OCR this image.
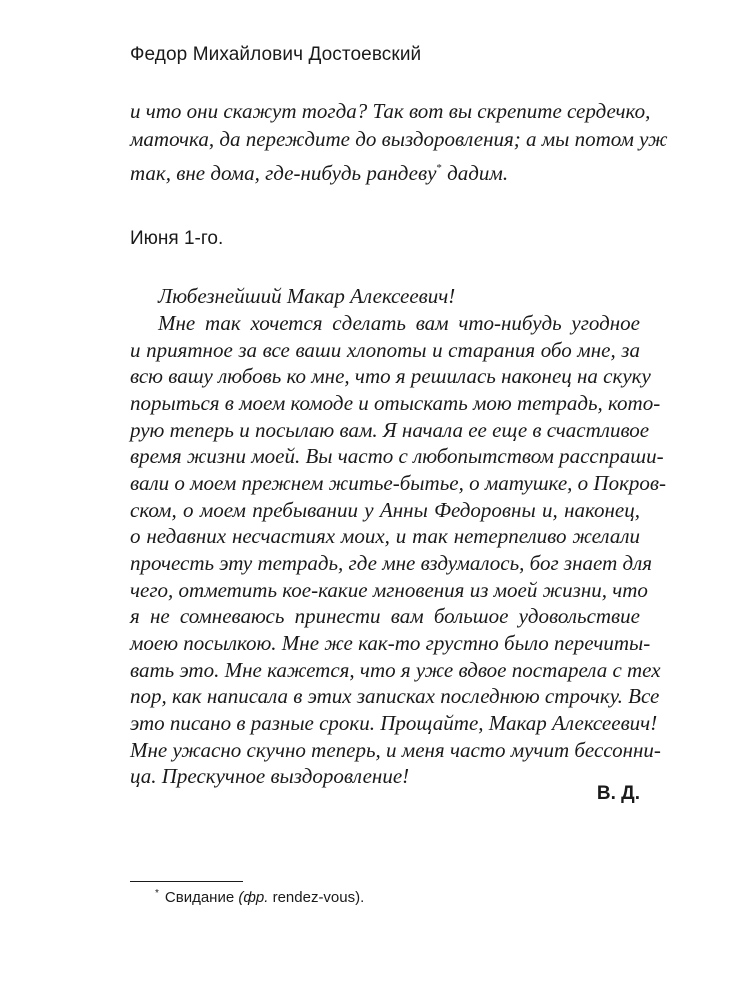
Федор Михайлович Достоевский
и что они скажут тогда? Так вот вы скрепите сердечко,
маточка, да переждите до выздоровления; а мы потом уж
так, вне дома, где-нибудь рандеву* дадим.
Июня 1-го.
Любезнейший Макар Алексеевич!
Мне так хочется сделать вам что-нибудь угодное
и приятное за все ваши хлопоты и старания обо мне, за
всю вашу любовь ко мне, что я решилась наконец на скуку
порыться в моем комоде и отыскать мою тетрадь, кото-
рую теперь и посылаю вам. Я начала ее еще в счастливое
время жизни моей. Вы часто с любопытством расспраши-
вали о моем прежнем житье-бытье, о матушке, о Покров-
ском, о моем пребывании у Анны Федоровны и, наконец,
о недавних несчастиях моих, и так нетерпеливо желали
прочесть эту тетрадь, где мне вздумалось, бог знает для
чего, отметить кое-какие мгновения из моей жизни, что
я не сомневаюсь принести вам большое удовольствие
моею посылкою. Мне же как-то грустно было перечиты-
вать это. Мне кажется, что я уже вдвое постарела с тех
пор, как написала в этих записках последнюю строчку. Все
это писано в разные сроки. Прощайте, Макар Алексеевич!
Мне ужасно скучно теперь, и меня часто мучит бессонни-
ца. Прескучное выздоровление!
В. Д.
* Свидание (фр. rendez-vous).
